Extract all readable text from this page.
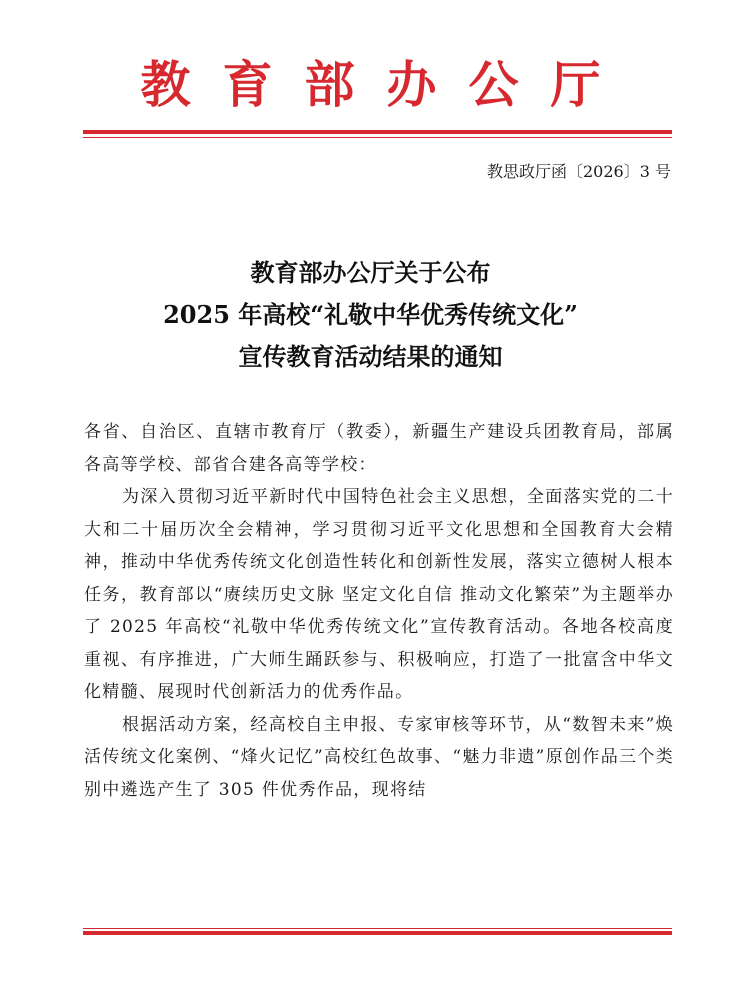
教育部办公厅
教思政厅函〔2026〕3 号
教育部办公厅关于公布
2025 年高校“礼敬中华优秀传统文化”
宣传教育活动结果的通知

各省、自治区、直辖市教育厅（教委），新疆生产建设兵团教育局，部属各高等学校、部省合建各高等学校：

为深入贯彻习近平新时代中国特色社会主义思想，全面落实党的二十大和二十届历次全会精神，学习贯彻习近平文化思想和全国教育大会精神，推动中华优秀传统文化创造性转化和创新性发展，落实立德树人根本任务，教育部以“赓续历史文脉 坚定文化自信 推动文化繁荣”为主题举办了 2025 年高校“礼敬中华优秀传统文化”宣传教育活动。各地各校高度重视、有序推进，广大师生踊跃参与、积极响应，打造了一批富含中华文化精髓、展现时代创新活力的优秀作品。

根据活动方案，经高校自主申报、专家审核等环节，从“数智未来”焕活传统文化案例、“烽火记忆”高校红色故事、“魅力非遗”原创作品三个类别中遴选产生了 305 件优秀作品，现将结
